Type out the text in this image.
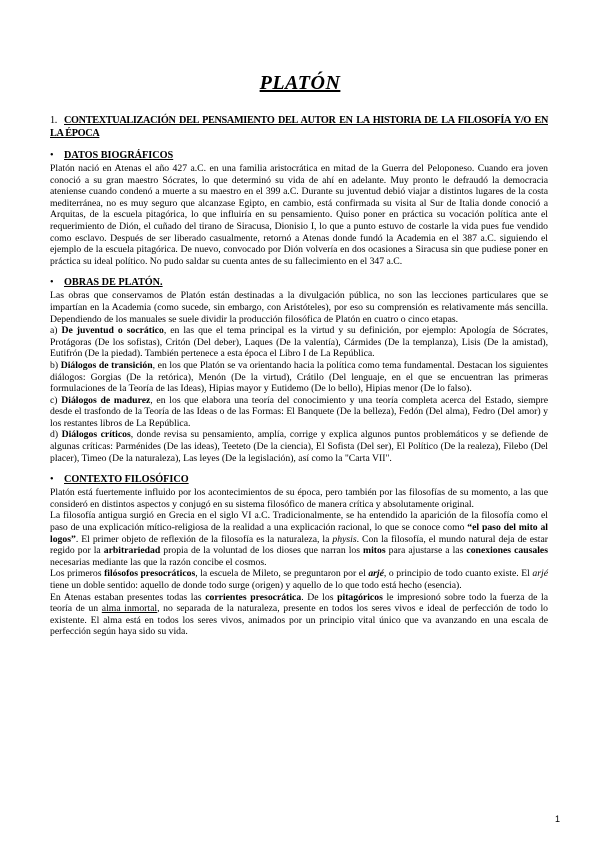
PLATÓN
1. CONTEXTUALIZACIÓN DEL PENSAMIENTO DEL AUTOR EN LA HISTORIA DE LA FILOSOFÍA Y/O EN LA ÉPOCA
• DATOS BIOGRÁFICOS

Platón nació en Atenas el año 427 a.C. en una familia aristocrática en mitad de la Guerra del Peloponeso. Cuando era joven conoció a su gran maestro Sócrates, lo que determinó su vida de ahí en adelante. Muy pronto le defraudó la democracia ateniense cuando condenó a muerte a su maestro en el 399 a.C. Durante su juventud debió viajar a distintos lugares de la costa mediterránea, no es muy seguro que alcanzase Egipto, en cambio, está confirmada su visita al Sur de Italia donde conoció a Arquitas, de la escuela pitagórica, lo que influiría en su pensamiento. Quiso poner en práctica su vocación política ante el requerimiento de Dión, el cuñado del tirano de Siracusa, Dionisio I, lo que a punto estuvo de costarle la vida pues fue vendido como esclavo. Después de ser liberado casualmente, retornó a Atenas donde fundó la Academia en el 387 a.C. siguiendo el ejemplo de la escuela pitagórica. De nuevo, convocado por Dión volvería en dos ocasiones a Siracusa sin que pudiese poner en práctica su ideal político. No pudo saldar su cuenta antes de su fallecimiento en el 347 a.C.

• OBRAS DE PLATÓN.

Las obras que conservamos de Platón están destinadas a la divulgación pública, no son las lecciones particulares que se impartían en la Academia (como sucede, sin embargo, con Aristóteles), por eso su comprensión es relativamente más sencilla. Dependiendo de los manuales se suele dividir la producción filosófica de Platón en cuatro o cinco etapas.

a) De juventud o socrático, en las que el tema principal es la virtud y su definición, por ejemplo: Apología de Sócrates, Protágoras (De los sofistas), Critón (Del deber), Laques (De la valentía), Cármides (De la templanza), Lisis (De la amistad), Eutifrón (De la piedad). También pertenece a esta época el Libro I de La República.

b) Diálogos de transición, en los que Platón se va orientando hacia la política como tema fundamental. Destacan los siguientes diálogos: Gorgias (De la retórica), Menón (De la virtud), Crátilo (Del lenguaje, en el que se encuentran las primeras formulaciones de la Teoría de las Ideas), Hipias mayor y Eutidemo (De lo bello), Hipias menor (De lo falso).

c) Diálogos de madurez, en los que elabora una teoría del conocimiento y una teoría completa acerca del Estado, siempre desde el trasfondo de la Teoría de las Ideas o de las Formas: El Banquete (De la belleza), Fedón (Del alma), Fedro (Del amor) y los restantes libros de La República.

d) Diálogos críticos, donde revisa su pensamiento, amplía, corrige y explica algunos puntos problemáticos y se defiende de algunas críticas: Parménides (De las ideas), Teeteto (De la ciencia), El Sofista (Del ser), El Político (De la realeza), Filebo (Del placer), Timeo (De la naturaleza), Las leyes (De la legislación), así como la "Carta VII".

• CONTEXTO FILOSÓFICO

Platón está fuertemente influido por los acontecimientos de su época, pero también por las filosofías de su momento, a las que consideró en distintos aspectos y conjugó en su sistema filosófico de manera crítica y absolutamente original.

La filosofía antigua surgió en Grecia en el siglo VI a.C. Tradicionalmente, se ha entendido la aparición de la filosofía como el paso de una explicación mítico-religiosa de la realidad a una explicación racional, lo que se conoce como “el paso del mito al logos”. El primer objeto de reflexión de la filosofía es la naturaleza, la physis. Con la filosofía, el mundo natural deja de estar regido por la arbitrariedad propia de la voluntad de los dioses que narran los mitos para ajustarse a las conexiones causales necesarias mediante las que la razón concibe el cosmos.

Los primeros filósofos presocráticos, la escuela de Mileto, se preguntaron por el arjé, o principio de todo cuanto existe. El arjé tiene un doble sentido: aquello de donde todo surge (origen) y aquello de lo que todo está hecho (esencia).

En Atenas estaban presentes todas las corrientes presocrática. De los pitagóricos le impresionó sobre todo la fuerza de la teoría de un alma inmortal, no separada de la naturaleza, presente en todos los seres vivos e ideal de perfección de todo lo existente. El alma está en todos los seres vivos, animados por un principio vital único que va avanzando en una escala de perfección según haya sido su vida.

1
